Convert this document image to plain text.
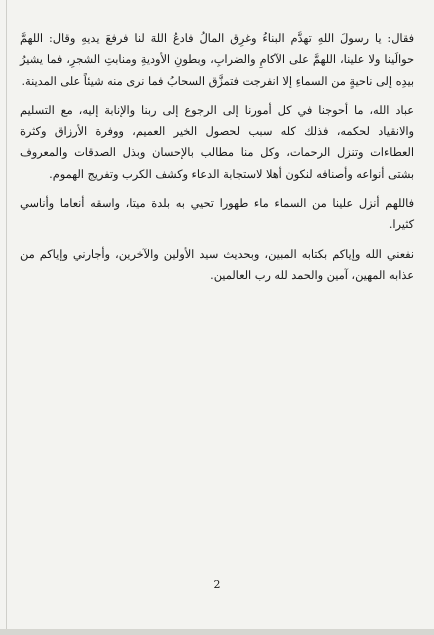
فقال: يا رسولَ اللهِ تهدَّم البناءُ وغرِق المالُ فادعُ اللهَ لنا فرفعَ يديهِ وقال: اللهمَّ حوالَينا ولا علينا، اللهمَّ على الآكامِ والضرابِ، وبطونِ الأوديةِ ومنابتِ الشجرِ، فما يشيرُ بيدِه إلى ناحيةٍ من السماءِ إلا انفرجت فتمزَّق السحابُ فما نرى منه شيئاً على المدينة.

عباد الله، ما أحوجنا في كل أمورنا إلى الرجوع إلى ربنا والإنابة إليه، مع التسليم والانقياد لحكمه، فذلك كله سبب لحصول الخير العميم، ووفرة الأرزاق وكثرة العطاءات وتنزل الرحمات، وكل منا مطالب بالإحسان وبذل الصدقات والمعروف بشتى أنواعه وأصنافه لنكون أهلا لاستجابة الدعاء وكشف الكرب وتفريج الهموم.

فاللهم أنزل علينا من السماء ماء طهورا تحيي به بلدة ميتا، واسقه أنعاما وأناسي كثيرا.

نفعني الله وإياكم بكتابه المبين، وبحديث سيد الأولين والآخرين، وأجارني وإياكم من عذابه المهين، آمين والحمد لله رب العالمين.

2
